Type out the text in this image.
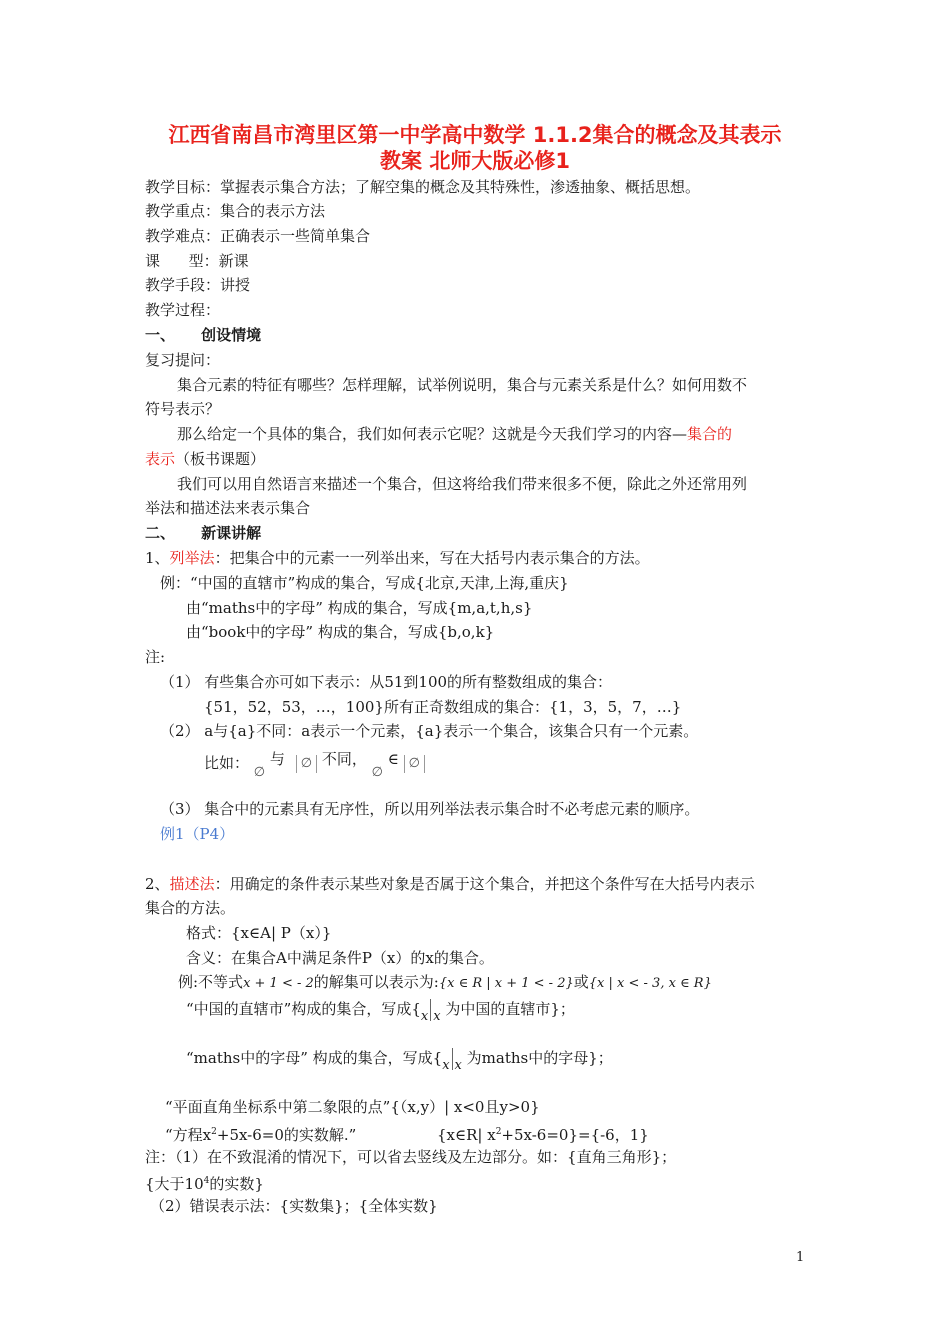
江西省南昌市湾里区第一中学高中数学 1.1.2集合的概念及其表示
教案 北师大版必修1
教学目标：掌握表示集合方法；了解空集的概念及其特殊性，渗透抽象、概括思想。
教学重点：集合的表示方法
教学难点：正确表示一些简单集合
课      型：新课
教学手段：讲授
教学过程：
一、     创设情境
复习提问：
集合元素的特征有哪些？怎样理解，试举例说明，集合与元素关系是什么？如何用数不
符号表示？
那么给定一个具体的集合，我们如何表示它呢？这就是今天我们学习的内容—集合的
表示（板书课题）
我们可以用自然语言来描述一个集合，但这将给我们带来很多不便，除此之外还常用列
举法和描述法来表示集合
二、     新课讲解
1、列举法：把集合中的元素一一列举出来，写在大括号内表示集合的方法。
例：“中国的直辖市”构成的集合，写成{北京,天津,上海,重庆}
由“maths中的字母” 构成的集合，写成{m,a,t,h,s}
由“book中的字母” 构成的集合，写成{b,o,k}
注:
（1） 有些集合亦可如下表示：从51到100的所有整数组成的集合：
{51，52，53，…，100}所有正奇数组成的集合：{1，3，5，7，…}
（2） a与{a}不同：a表示一个元素，{a}表示一个集合，该集合只有一个元素。
比如： ∅ 与 ∅ 不同， ∅ ∈ ∅
（3） 集合中的元素具有无序性，所以用列举法表示集合时不必考虑元素的顺序。
例1（P4）
2、描述法：用确定的条件表示某些对象是否属于这个集合，并把这个条件写在大括号内表示
集合的方法。
格式：{x∈A| P（x）}
含义：在集合A中满足条件P（x）的x的集合。
例:不等式x + 1 < - 2的解集可以表示为:{x ∈ R | x + 1 < - 2}或{x | x < - 3, x ∈ R}
“中国的直辖市”构成的集合，写成{x x 为中国的直辖市}；
“maths中的字母” 构成的集合，写成{x x 为maths中的字母}；
“平面直角坐标系中第二象限的点”{（x,y）| x<0且y>0}
“方程$x^2+5x-6=0$的实数解.”	{x∈R| $x^2+5x-6=0\}=\{-6$，1}
注：（1）在不致混淆的情况下，可以省去竖线及左边部分。如：{直角三角形}；
{大于$10^4$的实数}
（2）错误表示法：{实数集}；{全体实数}
1
